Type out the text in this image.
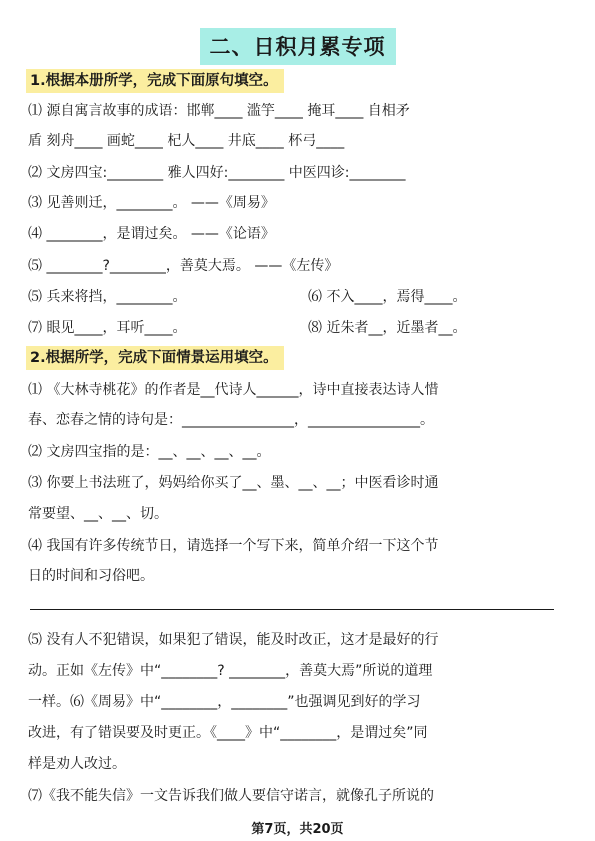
二、日积月累专项
1.根据本册所学，完成下面原句填空。
⑴ 源自寓言故事的成语：邯郸____ 滥竽____ 掩耳____ 自相矛
盾 刻舟____ 画蛇____ 杞人____ 井底____ 杯弓____
⑵ 文房四宝:________ 雅人四好:________ 中医四诊:________
⑶ 见善则迁，________。 ——《周易》
⑷ ________，是谓过矣。 ——《论语》
⑸ ________?________，善莫大焉。 ——《左传》
⑸ 兵来将挡，________。	⑹ 不入____，焉得____。
⑺ 眼见____，耳听____。	⑻ 近朱者__，近墨者__。
2.根据所学，完成下面情景运用填空。
⑴ 《大林寺桃花》的作者是__代诗人______，诗中直接表达诗人惜
春、恋春之情的诗句是：________________，________________。
⑵ 文房四宝指的是：__、__、__、__。
⑶ 你要上书法班了，妈妈给你买了__、墨、__、__；中医看诊时通
常要望、__、__、切。
⑷ 我国有许多传统节日，请选择一个写下来，简单介绍一下这个节
日的时间和习俗吧。
⑸ 没有人不犯错误，如果犯了错误，能及时改正，这才是最好的行
动。正如《左传》中“________? ________，善莫大焉”所说的道理
一样。⑹《周易》中“________，________”也强调见到好的学习
改进，有了错误要及时更正。《____》中“________，是谓过矣”同
样是劝人改过。
⑺《我不能失信》一文告诉我们做人要信守诺言，就像孔子所说的
第7页，共20页
